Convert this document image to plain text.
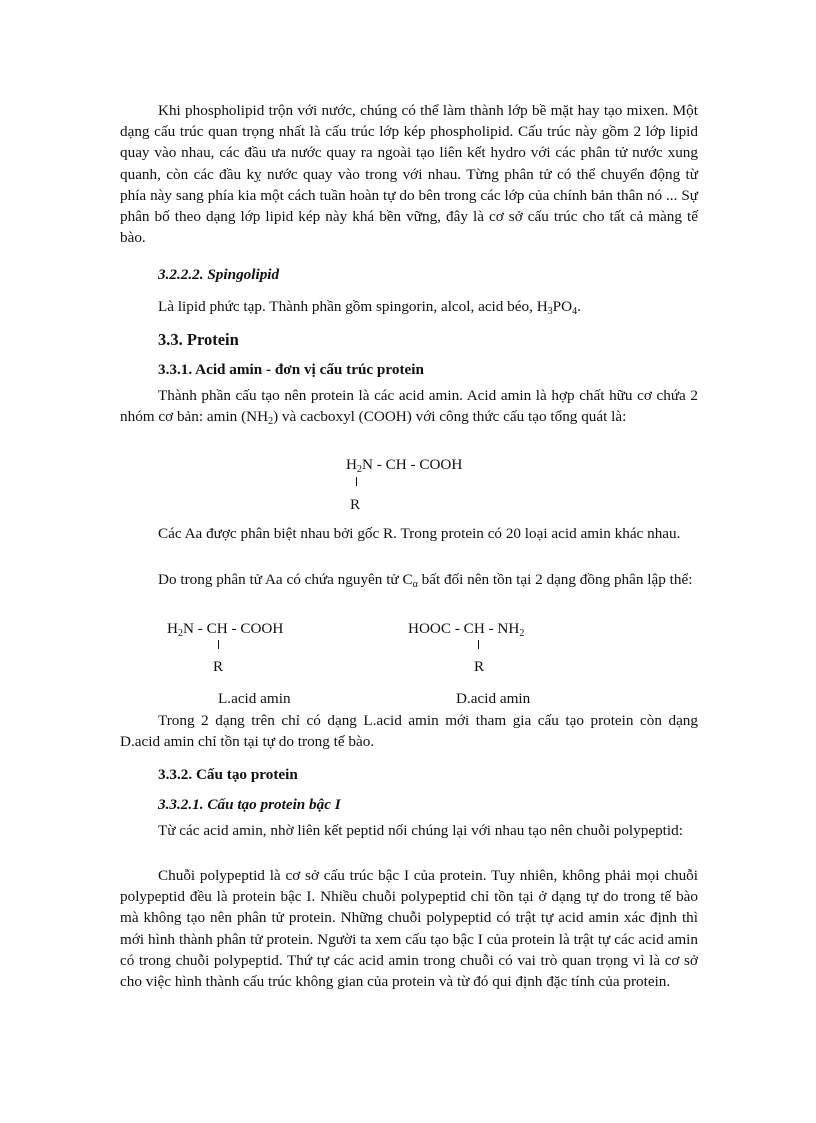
Khi phospholipid trộn với nước, chúng có thể làm thành lớp bề mặt hay tạo mixen. Một dạng cấu trúc quan trọng nhất là cấu trúc lớp kép phospholipid. Cấu trúc này gồm 2 lớp lipid quay vào nhau, các đầu ưa nước quay ra ngoài tạo liên kết hydro với các phân tử nước xung quanh, còn các đầu kỵ nước quay vào trong với nhau. Từng phân tử có thể chuyển động từ phía này sang phía kia một cách tuần hoàn tự do bên trong các lớp của chính bản thân nó ... Sự phân bố theo dạng lớp lipid kép này khá bền vững, đây là cơ sở cấu trúc cho tất cả màng tế bào.

3.2.2.2. Spingolipid

Là lipid phức tạp. Thành phần gồm spingorin, alcol, acid béo, $H_3PO_4$.

3.3. Protein

3.3.1. Acid amin - đơn vị cấu trúc protein

Thành phần cấu tạo nên protein là các acid amin. Acid amin là hợp chất hữu cơ chứa 2 nhóm cơ bản: amin $(NH_2)$ và cacboxyl (COOH) với công thức cấu tạo tổng quát là:

$H_2N$ - CH - COOH
R

Các Aa được phân biệt nhau bởi gốc R. Trong protein có 20 loại acid amin khác nhau.

Do trong phân tử Aa có chứa nguyên tử $C_\alpha$ bất đối nên tồn tại 2 dạng đồng phân lập thể:

$H_2N$ - CH - COOH
R
L.acid amin
HOOC - CH - $NH_2$
R
D.acid amin

Trong 2 dạng trên chỉ có dạng L.acid amin mới tham gia cấu tạo protein còn dạng D.acid amin chỉ tồn tại tự do trong tế bào.

3.3.2. Cấu tạo protein

3.3.2.1. Cấu tạo protein bậc I

Từ các acid amin, nhờ liên kết peptid nối chúng lại với nhau tạo nên chuỗi polypeptid:

Chuỗi polypeptid là cơ sở cấu trúc bậc I của protein. Tuy nhiên, không phải mọi chuỗi polypeptid đều là protein bậc I. Nhiều chuỗi polypeptid chỉ tồn tại ở dạng tự do trong tế bào mà không tạo nên phân tử protein. Những chuỗi polypeptid có trật tự acid amin xác định thì mới hình thành phân tử protein. Người ta xem cấu tạo bậc I của protein là trật tự các acid amin có trong chuỗi polypeptid. Thứ tự các acid amin trong chuỗi có vai trò quan trọng vì là cơ sở cho việc hình thành cấu trúc không gian của protein và từ đó qui định đặc tính của protein.
